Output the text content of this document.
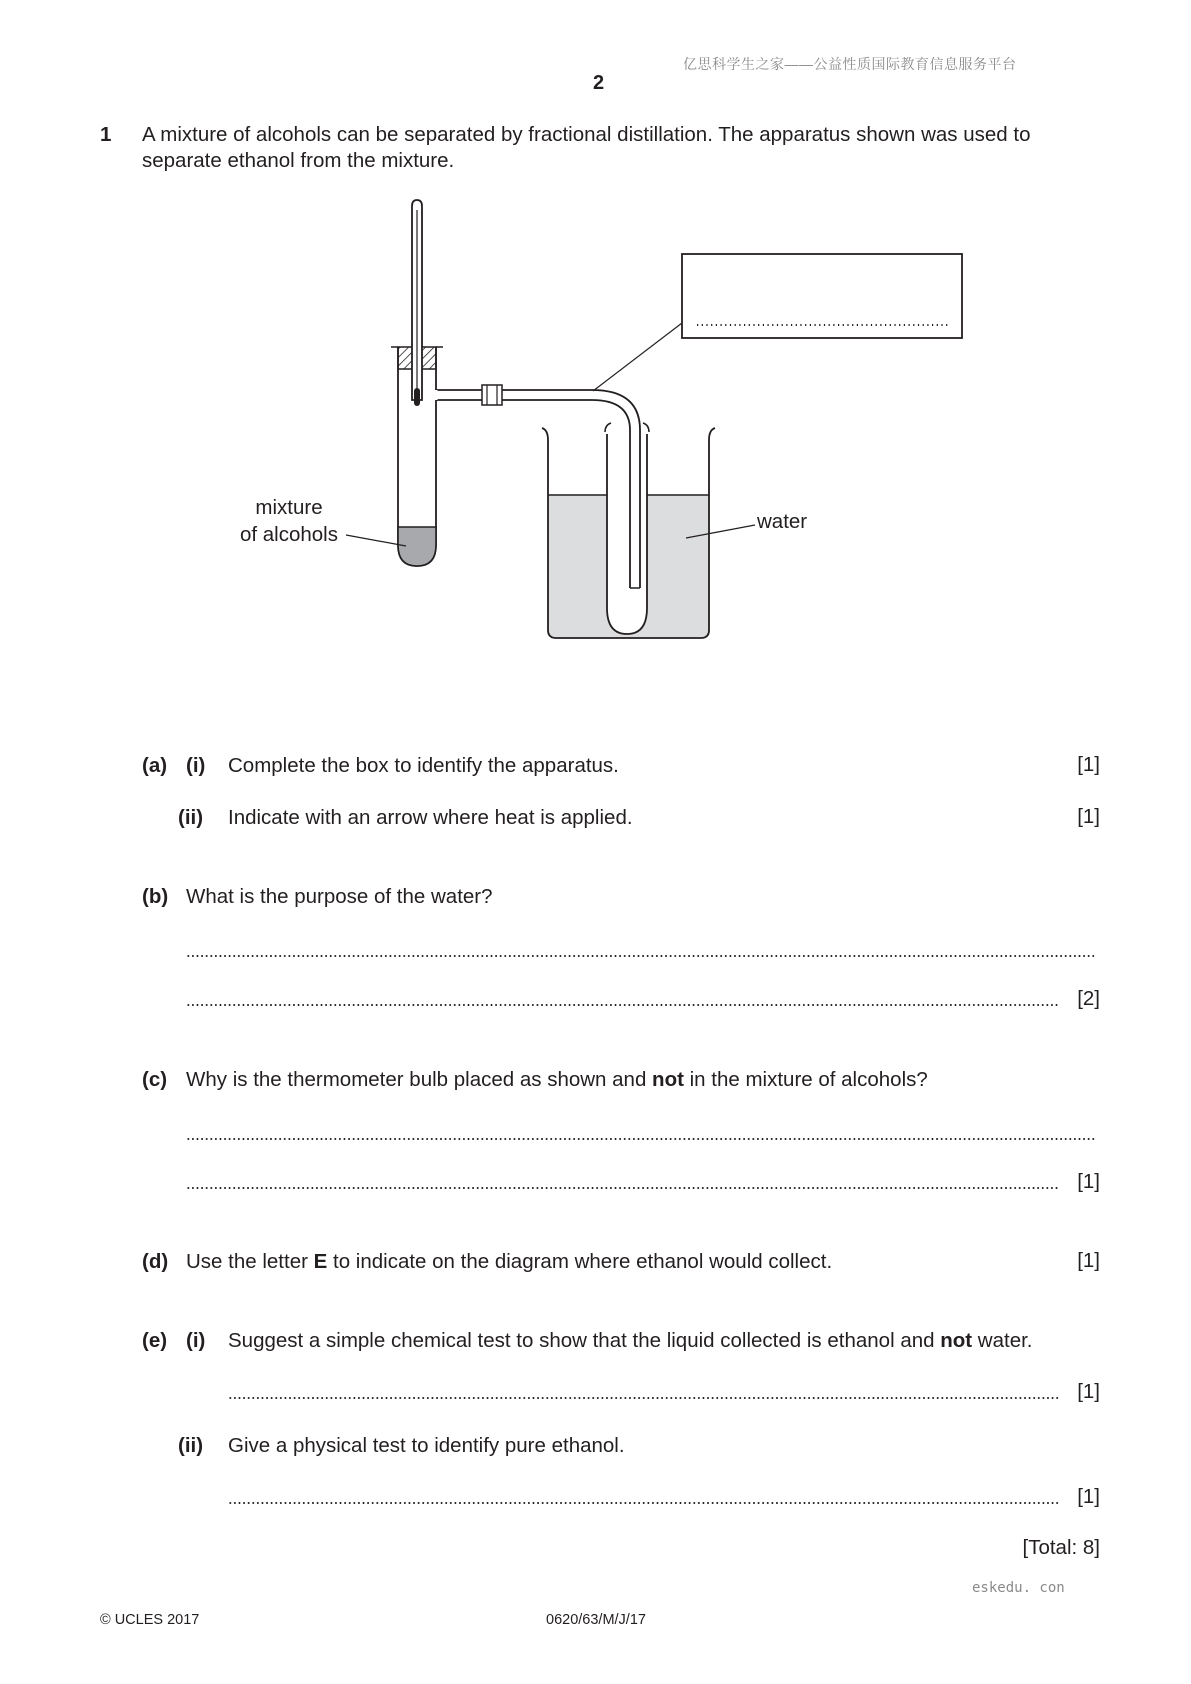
亿思科学生之家——公益性质国际教育信息服务平台
2
1 A mixture of alcohols can be separated by fractional distillation. The apparatus shown was used to separate ethanol from the mixture.
mixture
of alcohols
water
(a) (i) Complete the box to identify the apparatus.	[1]
(ii) Indicate with an arrow where heat is applied.	[1]
(b) What is the purpose of the water?
[2]
(c) Why is the thermometer bulb placed as shown and not in the mixture of alcohols?
[1]
(d) Use the letter E to indicate on the diagram where ethanol would collect.	[1]
(e) (i) Suggest a simple chemical test to show that the liquid collected is ethanol and not water.
[1]
(ii) Give a physical test to identify pure ethanol.
[1]
[Total: 8]
eskedu. con
© UCLES 2017	0620/63/M/J/17
